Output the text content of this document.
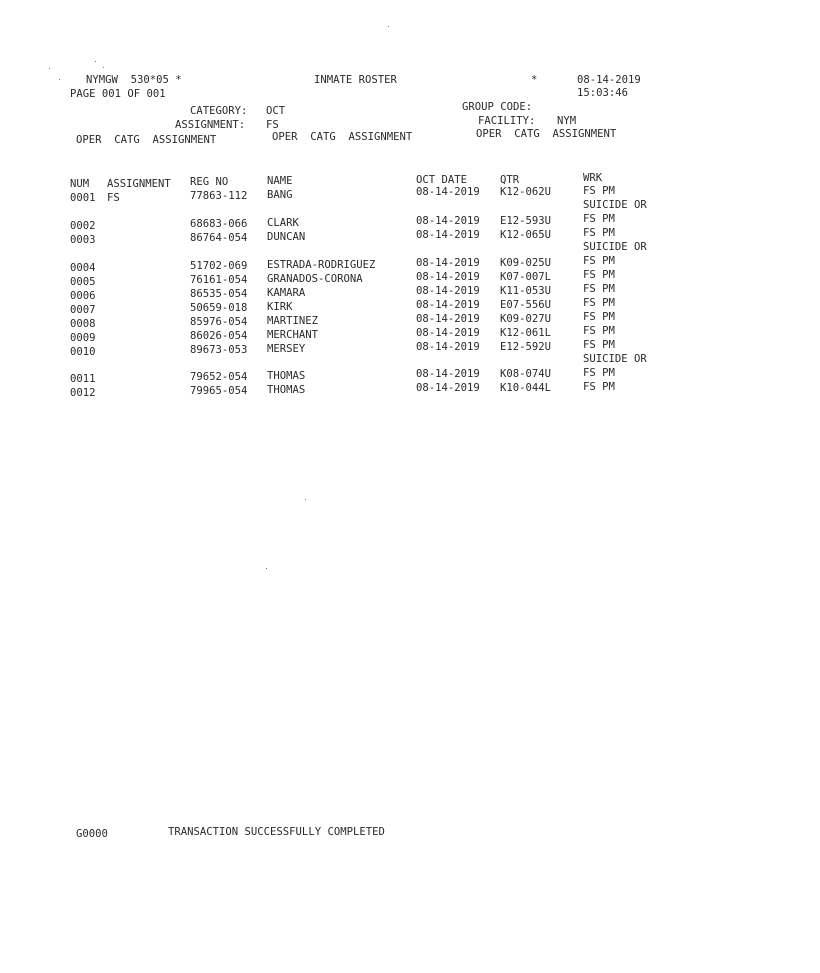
NYMGW  530*05 *	INMATE ROSTER	*	08-14-2019
15:03:46
PAGE 001 OF 001
CATEGORY: OCT	GROUP CODE:
ASSIGNMENT: FS	FACILITY: NYM
OPER  CATG  ASSIGNMENT	OPER  CATG  ASSIGNMENT	OPER  CATG  ASSIGNMENT
NUM ASSIGNMENT REG NO	NAME	OCT DATE	QTR	WRK
0001 FS	77863-112 BANG	08-14-2019 K12-062U	FS PM
SUICIDE OR
0002	68683-066 CLARK	08-14-2019 E12-593U	FS PM
0003	86764-054 DUNCAN	08-14-2019 K12-065U	FS PM
SUICIDE OR
0004	51702-069 ESTRADA-RODRIGUEZ	08-14-2019 K09-025U	FS PM
0005	76161-054 GRANADOS-CORONA	08-14-2019 K07-007L	FS PM
0006	86535-054 KAMARA	08-14-2019 K11-053U	FS PM
0007	50659-018 KIRK	08-14-2019 E07-556U	FS PM
0008	85976-054 MARTINEZ	08-14-2019 K09-027U	FS PM
0009	86026-054 MERCHANT	08-14-2019 K12-061L	FS PM
0010	89673-053 MERSEY	08-14-2019 E12-592U	FS PM
SUICIDE OR
0011	79652-054 THOMAS	08-14-2019 K08-074U	FS PM
0012	79965-054 THOMAS	08-14-2019 K10-044L	FS PM
G0000	TRANSACTION SUCCESSFULLY COMPLETED
